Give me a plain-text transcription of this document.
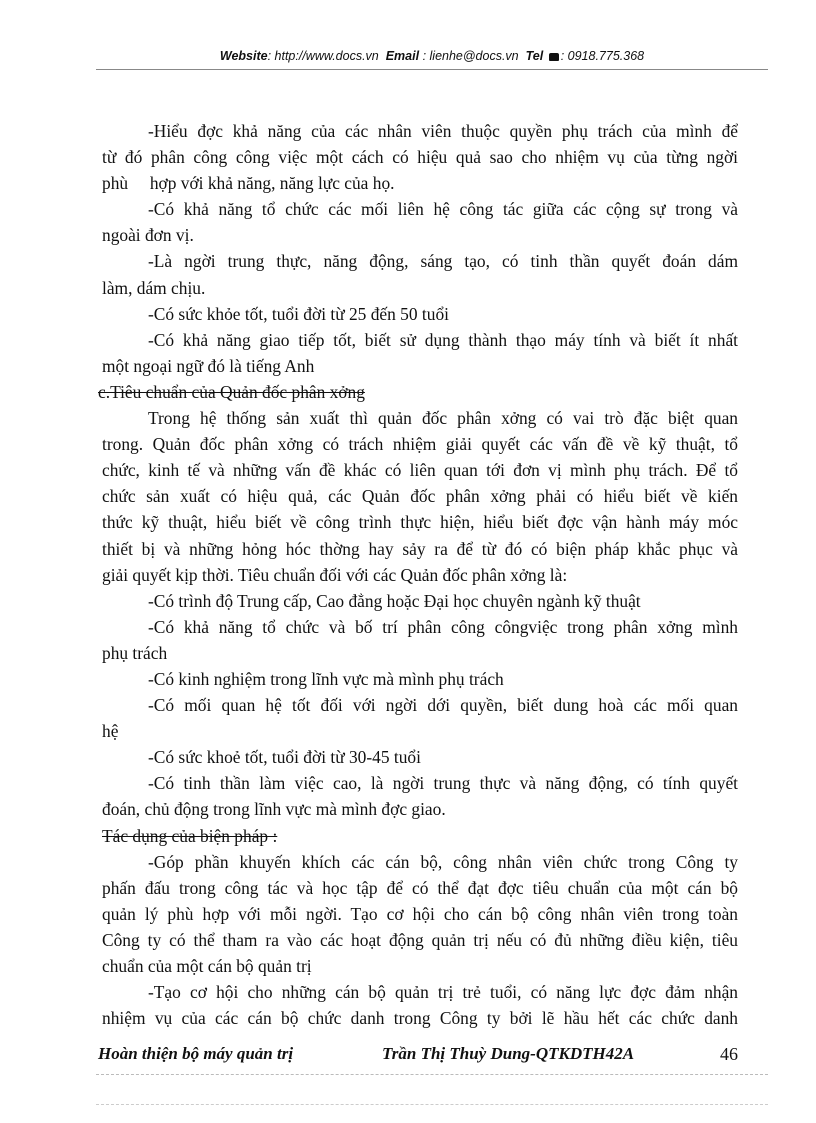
Website: http://www.docs.vn Email : lienhe@docs.vn Tel : 0918.775.368
-Hiểu đợc khả năng của các nhân viên thuộc quyền phụ trách của mình để
từ đó phân công công việc một cách có hiệu quả sao cho nhiệm vụ của từng ngời
phù     hợp với khả năng, năng lực của họ.
-Có khả năng tổ chức các mối liên hệ công tác giữa các cộng sự trong và
ngoài đơn vị.
-Là ngời trung thực, năng động, sáng tạo, có tinh thần quyết đoán dám
làm, dám chịu.
-Có sức khỏe tốt, tuổi đời từ 25 đến 50 tuổi
-Có khả năng giao tiếp tốt, biết sử dụng thành thạo máy tính và biết ít nhất
một ngoại ngữ đó là tiếng Anh
c.Tiêu chuẩn của Quản đốc phân xởng
Trong hệ thống sản xuất thì quản đốc phân xởng có vai trò đặc biệt quan
trong. Quản đốc phân xởng có trách nhiệm giải quyết các vấn đề về kỹ thuật, tổ
chức, kinh tế và những vấn đề khác có liên quan tới đơn vị mình phụ trách. Để tổ
chức sản xuất có hiệu quả, các Quản đốc phân xởng phải có hiểu biết về kiến
thức kỹ thuật, hiểu biết về công trình thực hiện, hiểu biết đợc vận hành máy móc
thiết bị và những hỏng hóc thờng hay sảy ra để từ đó có biện pháp khắc phục và
giải quyết kịp thời. Tiêu chuẩn đối với các Quản đốc phân xởng là:
-Có trình độ Trung cấp, Cao đẳng hoặc Đại học chuyên ngành kỹ thuật
-Có khả năng tổ chức và bố trí phân công côngviệc trong phân xởng mình
phụ trách
-Có kinh nghiệm trong lĩnh vực mà mình phụ trách
-Có mối quan hệ tốt đối với ngời dới quyền, biết dung hoà các mối quan
hệ
-Có sức khoẻ tốt, tuổi đời từ 30-45 tuổi
-Có tinh thần làm việc cao, là ngời trung thực và năng động, có tính quyết
đoán, chủ động trong lĩnh vực mà mình đợc giao.
Tác dụng của biện pháp :
-Góp phần khuyến khích các cán bộ, công nhân viên chức trong Công ty
phấn đấu trong công tác và học tập để có thể đạt đợc tiêu chuẩn của một cán bộ
quản lý phù hợp với mỗi ngời. Tạo cơ hội cho cán bộ công nhân viên trong toàn
Công ty có thể tham ra vào các hoạt động quản trị nếu có đủ những điều kiện, tiêu
chuẩn của một cán bộ quản trị
-Tạo cơ hội cho những cán bộ quản trị trẻ tuổi, có năng lực đợc đảm nhận
nhiệm vụ của các cán bộ chức danh trong Công ty bởi lẽ hầu hết các chức danh
Hoàn thiện bộ máy quản trị	Trần Thị Thuỳ Dung-QTKDTH42A	46
